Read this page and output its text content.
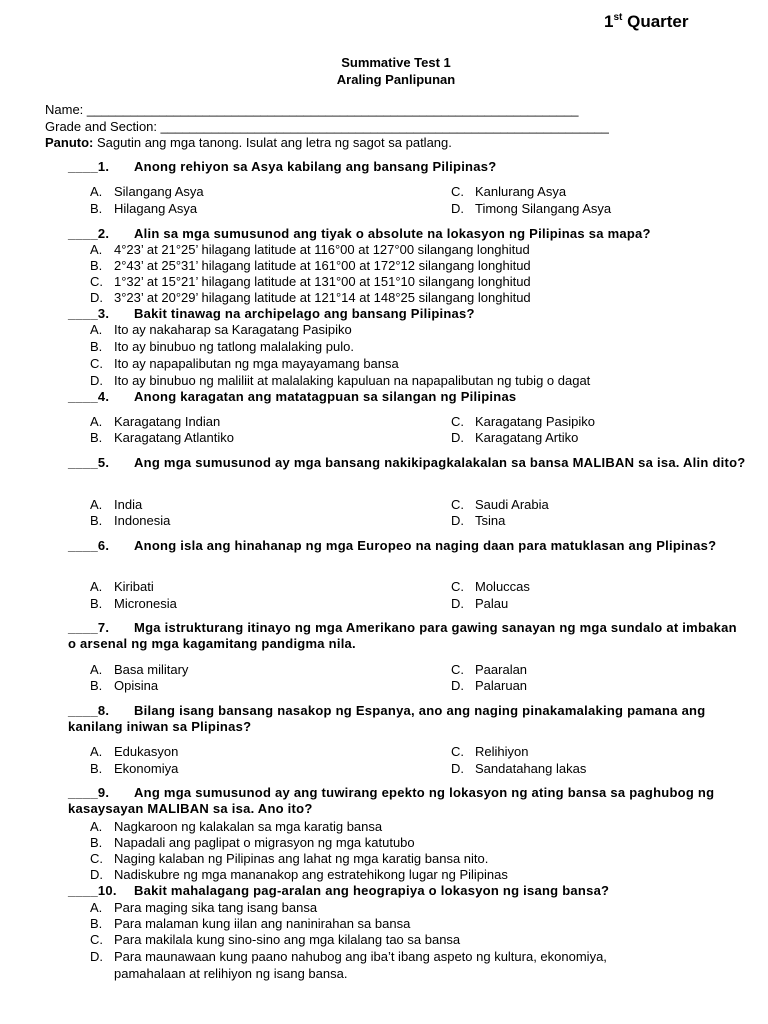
1st Quarter
Summative Test 1
Araling Panlipunan
Name: ____________________________________________________________________
Grade and Section: ______________________________________________________________
Panuto: Sagutin ang mga tanong. Isulat ang letra ng sagot sa patlang.
____1. Anong rehiyon sa Asya kabilang ang bansang Pilipinas?
A. Silangang Asya
B. Hilagang Asya
C. Kanlurang Asya
D. Timong Silangang Asya
____2. Alin sa mga sumusunod ang tiyak o absolute na lokasyon ng Pilipinas sa mapa?
A. 4°23’ at 21°25’ hilagang latitude at 116°00 at 127°00 silangang longhitud
B. 2°43’ at 25°31’ hilagang latitude at 161°00 at 172°12 silangang longhitud
C. 1°32’ at 15°21’ hilagang latitude at 131°00 at 151°10 silangang longhitud
D. 3°23’ at 20°29’ hilagang latitude at 121°14 at 148°25 silangang longhitud
____3. Bakit tinawag na archipelago ang bansang Pilipinas?
A. Ito ay nakaharap sa Karagatang Pasipiko
B. Ito ay binubuo ng tatlong malalaking pulo.
C. Ito ay napapalibutan ng mga mayayamang bansa
D. Ito ay binubuo ng maliliit at malalaking kapuluan na napapalibutan ng tubig o dagat
____4. Anong karagatan ang matatagpuan sa silangan ng Pilipinas
A. Karagatang Indian
B. Karagatang Atlantiko
C. Karagatang Pasipiko
D. Karagatang Artiko
____5. Ang mga sumusunod ay mga bansang nakikipagkalakalan sa bansa MALIBAN sa isa. Alin dito?
A. India
B. Indonesia
C. Saudi Arabia
D. Tsina
____6. Anong isla ang hinahanap ng mga Europeo na naging daan para matuklasan ang Plipinas?
A. Kiribati
B. Micronesia
C. Moluccas
D. Palau
____7. Mga istrukturang itinayo ng mga Amerikano para gawing sanayan ng mga sundalo at imbakan o arsenal ng mga kagamitang pandigma nila.
A. Basa military
B. Opisina
C. Paaralan
D. Palaruan
____8. Bilang isang bansang nasakop ng Espanya, ano ang naging pinakamalaking pamana ang kanilang iniwan sa Plipinas?
A. Edukasyon
B. Ekonomiya
C. Relihiyon
D. Sandatahang lakas
____9. Ang mga sumusunod ay ang tuwirang epekto ng lokasyon ng ating bansa sa paghubog ng kasaysayan MALIBAN sa isa. Ano ito?
A. Nagkaroon ng kalakalan sa mga karatig bansa
B. Napadali ang paglipat o migrasyon ng mga katutubo
C. Naging kalaban ng Pilipinas ang lahat ng mga karatig bansa nito.
D. Nadiskubre ng mga mananakop ang estratehikong lugar ng Pilipinas
____10. Bakit mahalagang pag-aralan ang heograpiya o lokasyon ng isang bansa?
A. Para maging sika tang isang bansa
B. Para malaman kung iilan ang naninirahan sa bansa
C. Para makilala kung sino-sino ang mga kilalang tao sa bansa
D. Para maunawaan kung paano nahubog ang iba’t ibang aspeto ng kultura, ekonomiya,
pamahalaan at relihiyon ng isang bansa.
